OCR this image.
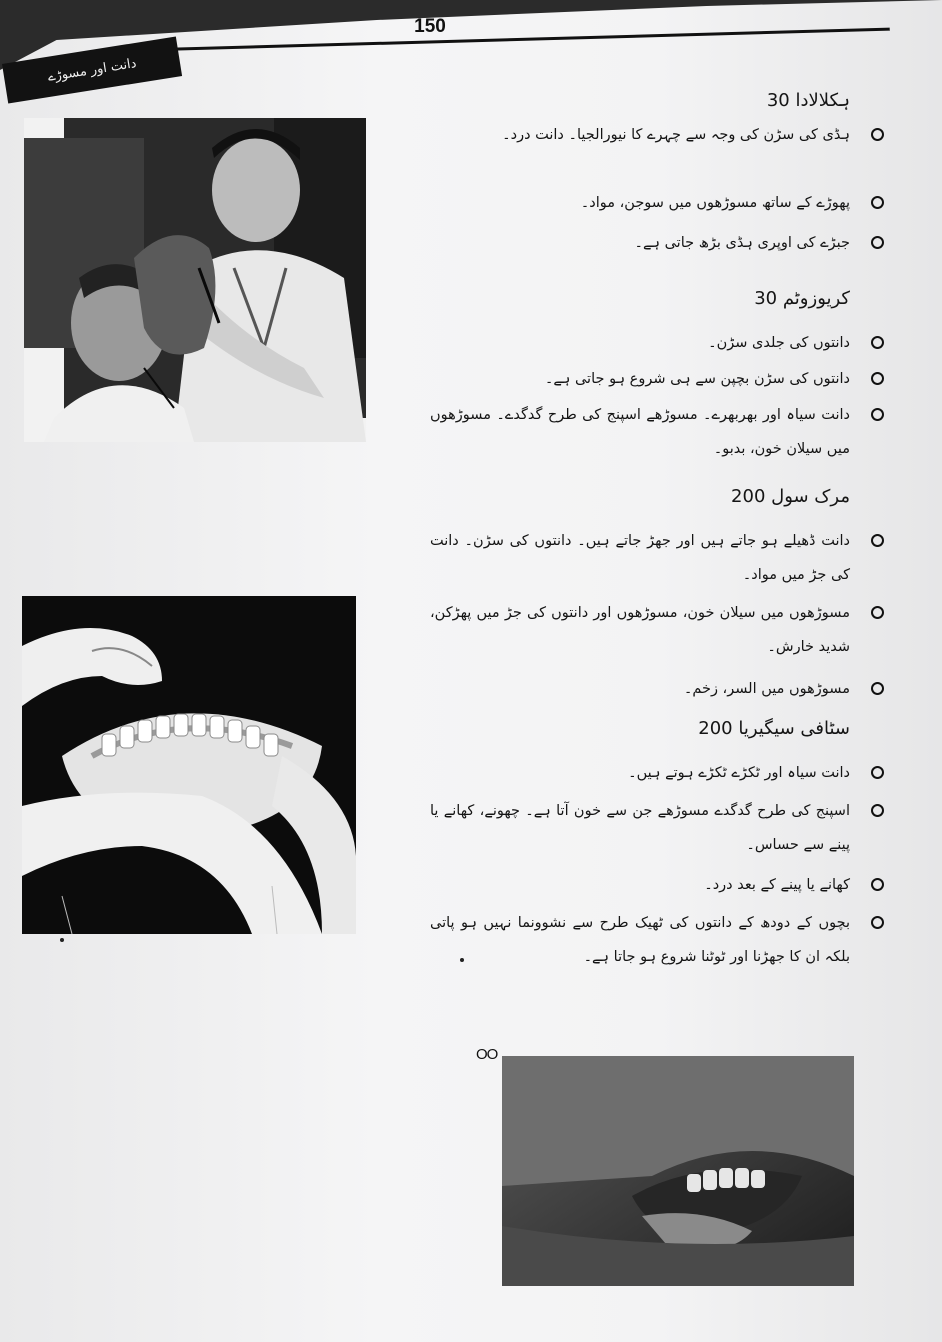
150
دانت اور مسوڑے
ہکلالادا 30
ہڈی کی سڑن کی وجہ سے چہرے کا نیورالجیا۔ دانت درد۔
پھوڑے کے ساتھ مسوڑھوں میں سوجن، مواد۔
جبڑے کی اوپری ہڈی بڑھ جاتی ہے۔
کریوزوٹم 30
دانتوں کی جلدی سڑن۔
دانتوں کی سڑن بچپن سے ہی شروع ہو جاتی ہے۔
دانت سیاہ اور بھربھرے۔ مسوڑھے اسپنج کی طرح گدگدے۔ مسوڑھوں میں سیلان خون، بدبو۔
مرک سول 200
دانت ڈھیلے ہو جاتے ہیں اور جھڑ جاتے ہیں۔ دانتوں کی سڑن۔ دانت کی جڑ میں مواد۔
مسوڑھوں میں سیلان خون، مسوڑھوں اور دانتوں کی جڑ میں پھڑکن، شدید خارش۔
مسوڑھوں میں السر، زخم۔
سٹافی سیگیریا 200
دانت سیاہ اور ٹکڑے ٹکڑے ہوتے ہیں۔
اسپنج کی طرح گدگدے مسوڑھے جن سے خون آتا ہے۔ چھونے، کھانے یا پینے سے حساس۔
کھانے یا پینے کے بعد درد۔
بچوں کے دودھ کے دانتوں کی ٹھیک طرح سے نشوونما نہیں ہو پاتی بلکہ ان کا جھڑنا اور ٹوٹنا شروع ہو جاتا ہے۔
OO
